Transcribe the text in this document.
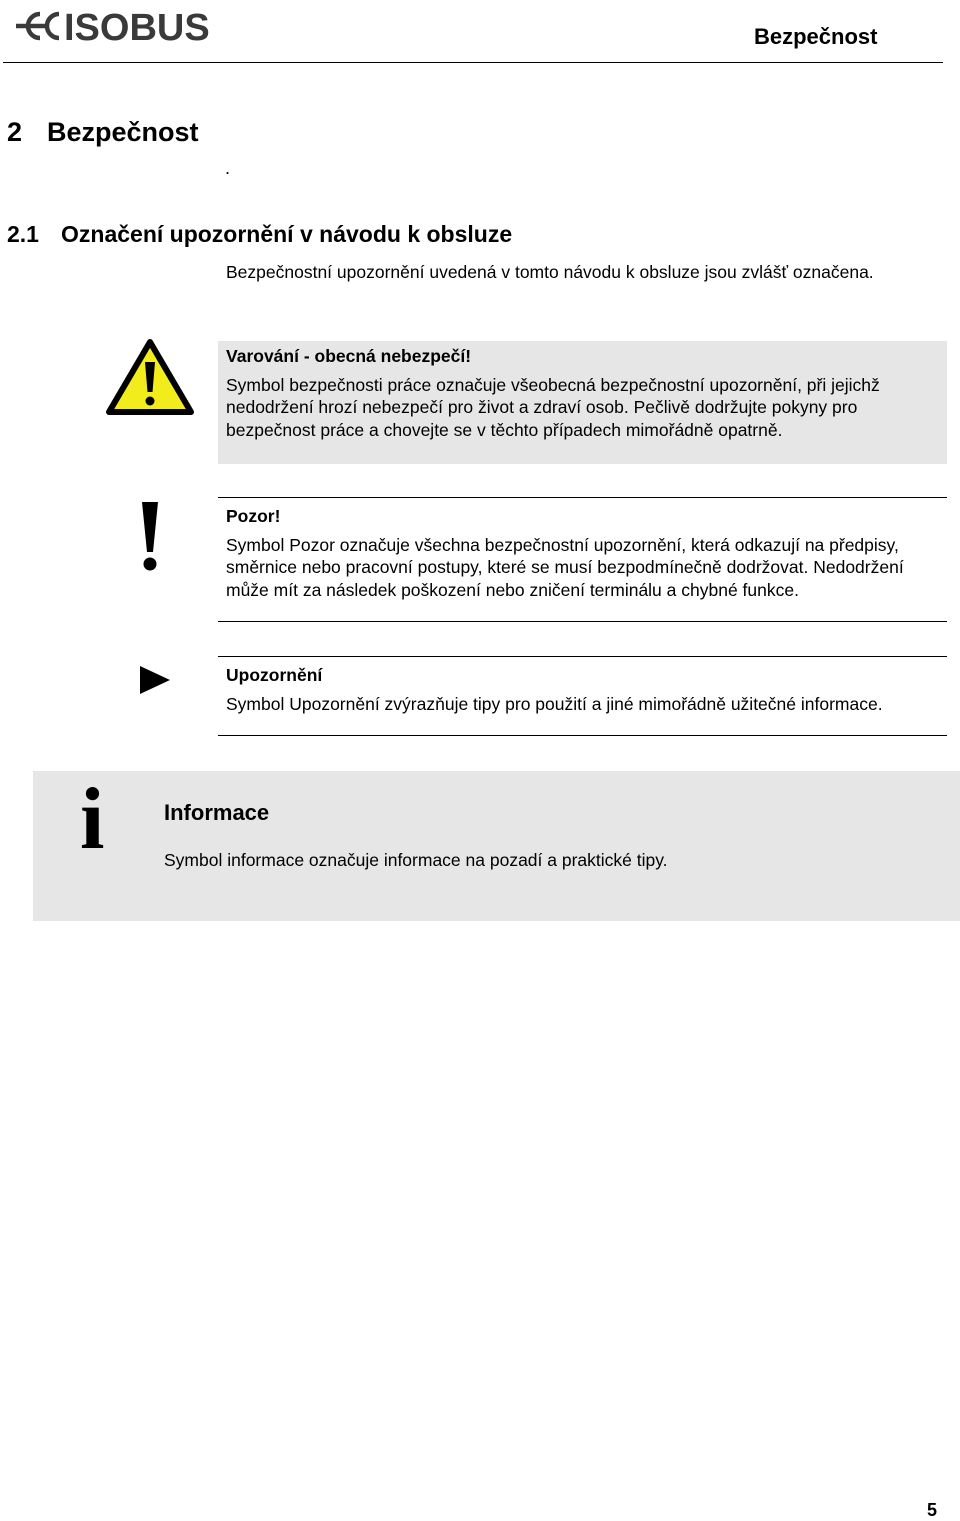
ISOBUS	Bezpečnost
2 Bezpečnost
.
2.1 Označení upozornění v návodu k obsluze
Bezpečnostní upozornění uvedená v tomto návodu k obsluze jsou zvlášť označena.
Varování - obecná nebezpečí!
Symbol bezpečnosti práce označuje všeobecná bezpečnostní upozornění, při jejichž nedodržení hrozí nebezpečí pro život a zdraví osob. Pečlivě dodržujte pokyny pro bezpečnost práce a chovejte se v těchto případech mimořádně opatrně.
Pozor!
Symbol Pozor označuje všechna bezpečnostní upozornění, která odkazují na předpisy, směrnice nebo pracovní postupy, které se musí bezpodmínečně dodržovat. Nedodržení může mít za následek poškození nebo zničení terminálu a chybné funkce.
Upozornění
Symbol Upozornění zvýrazňuje tipy pro použití a jiné mimořádně užitečné informace.
i	Informace
Symbol informace označuje informace na pozadí a praktické tipy.
5
